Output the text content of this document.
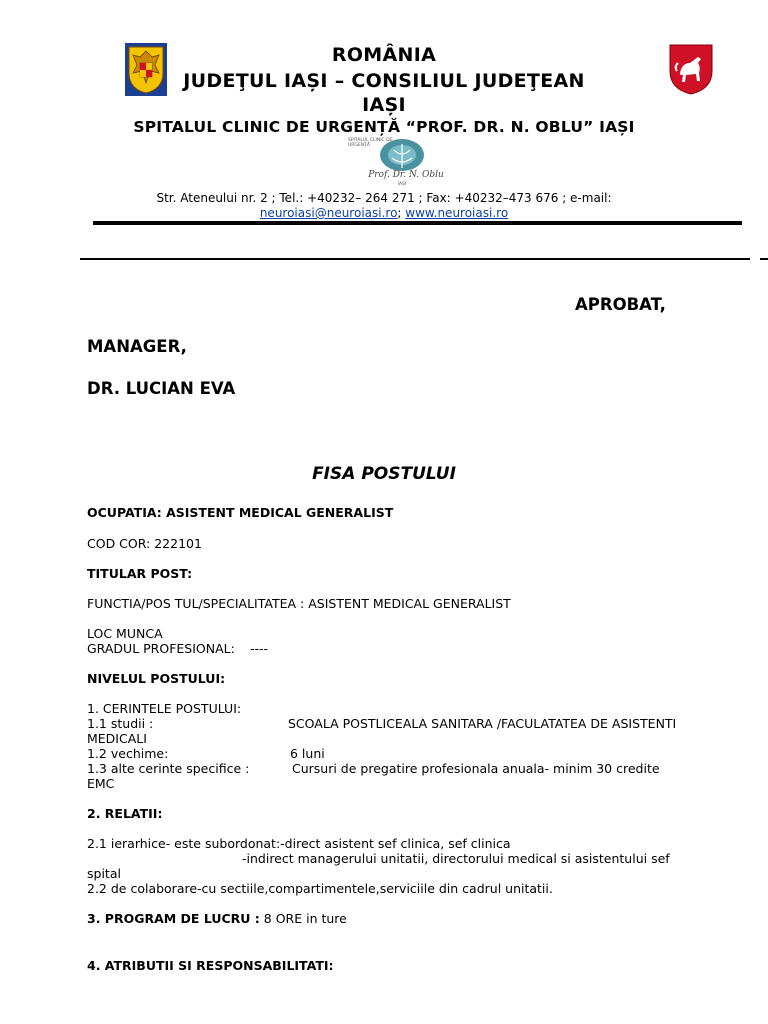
ROMÂNIA
JUDEŢUL IAȘI – CONSILIUL JUDEŢEAN
IAȘI
SPITALUL CLINIC DE URGENȚĂ “PROF. DR. N. OBLU” IAȘI
SPITALUL CLINIC DE URGENȚĂ
Prof. Dr. N. Oblu
IAȘI
Str. Ateneului nr. 2 ; Tel.: +40232– 264 271 ; Fax: +40232–473 676 ; e-mail:
neuroiasi@neuroiasi.ro; www.neuroiasi.ro
APROBAT,
MANAGER,
DR. LUCIAN EVA
FISA POSTULUI
OCUPATIA: ASISTENT MEDICAL GENERALIST
COD COR: 222101
TITULAR POST:
FUNCTIA/POS TUL/SPECIALITATEA : ASISTENT MEDICAL GENERALIST
LOC MUNCA
GRADUL PROFESIONAL: ----
NIVELUL POSTULUI:
1. CERINTELE POSTULUI:
1.1 studii :	SCOALA POSTLICEALA SANITARA /FACULATATEA DE ASISTENTI
MEDICALI
1.2 vechime:	6 luni
1.3 alte cerinte specifice :	Cursuri de pregatire profesionala anuala- minim 30 credite
EMC
2. RELATII:
2.1 ierarhice- este subordonat:-direct asistent sef clinica, sef clinica
-indirect managerului unitatii, directorului medical si asistentului sef
spital
2.2 de colaborare-cu sectiile,compartimentele,serviciile din cadrul unitatii.
3. PROGRAM DE LUCRU : 8 ORE in ture
4. ATRIBUTII SI RESPONSABILITATI:
